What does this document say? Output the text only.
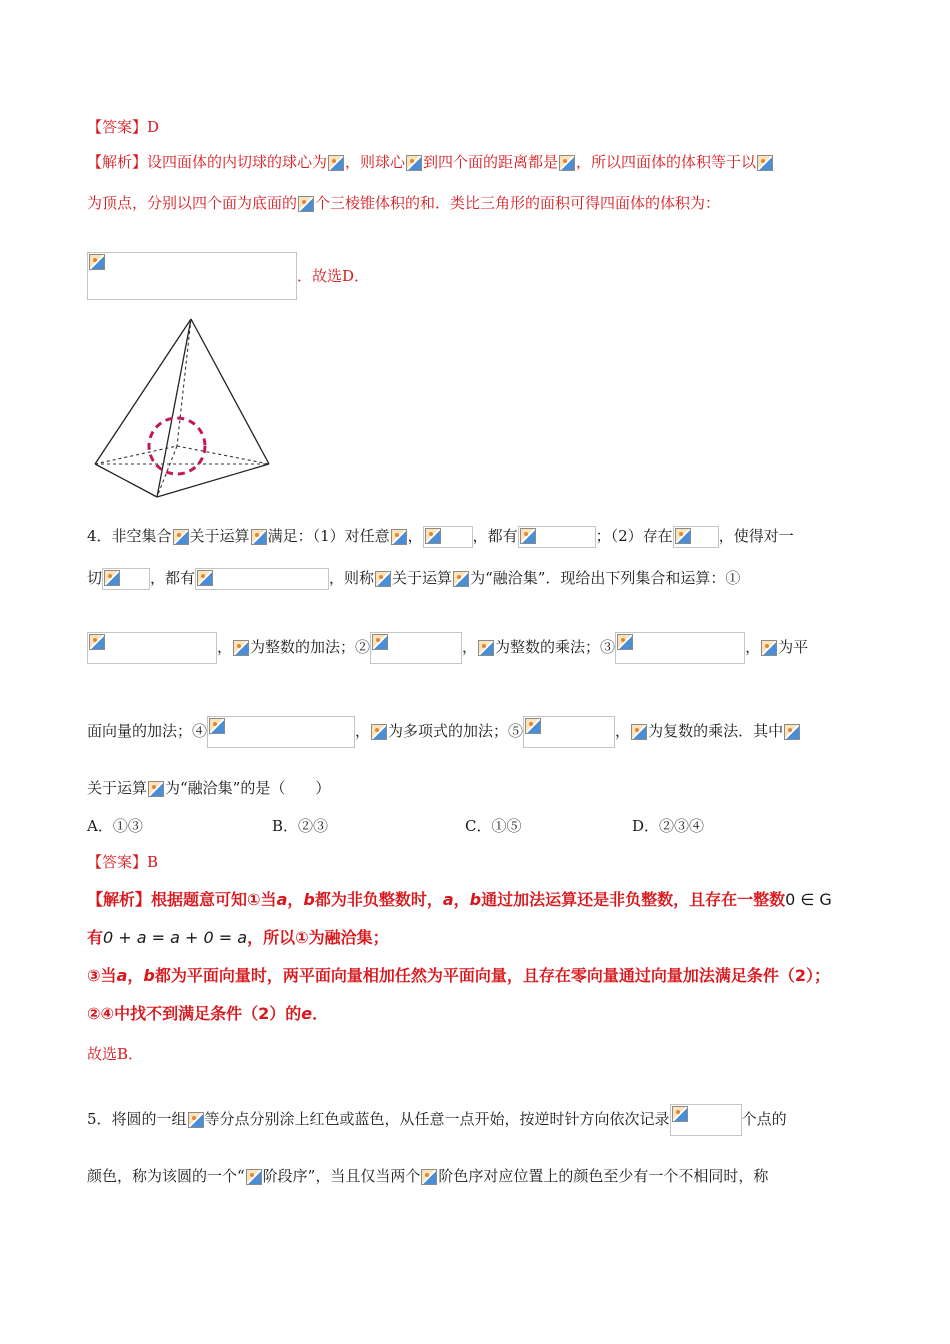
【答案】D
【解析】设四面体的内切球的球心为 ，则球心 到四个面的距离都是 ，所以四面体的体积等于以
为顶点，分别以四个面为底面的 个三棱锥体积的和．类比三角形的面积可得四面体的体积为：
．故选D．
4．非空集合 关于运算 满足：（1）对任意 ，	，都有	；（2）存在	，使得对一
切	，都有	，则称 关于运算 为“融洽集”．现给出下列集合和运算：①
， 为整数的加法；②	， 为整数的乘法；③	， 为平
面向量的加法；④	， 为多项式的加法；⑤	， 为复数的乘法．其中
关于运算 为“融洽集”的是（　　）
A．①③	B．②③	C．①⑤	D．②③④
【答案】B
【解析】根据题意可知①当a，b都为非负整数时，a，b通过加法运算还是非负整数，且存在一整数0 ∈ G
有0 + a = a + 0 = a，所以①为融洽集；
③当a，b都为平面向量时，两平面向量相加任然为平面向量，且存在零向量通过向量加法满足条件（2）；
②④中找不到满足条件（2）的e．
故选B．
5．将圆的一组 等分点分别涂上红色或蓝色，从任意一点开始，按逆时针方向依次记录	个点的
颜色，称为该圆的一个“ 阶段序”，当且仅当两个 阶色序对应位置上的颜色至少有一个不相同时，称
